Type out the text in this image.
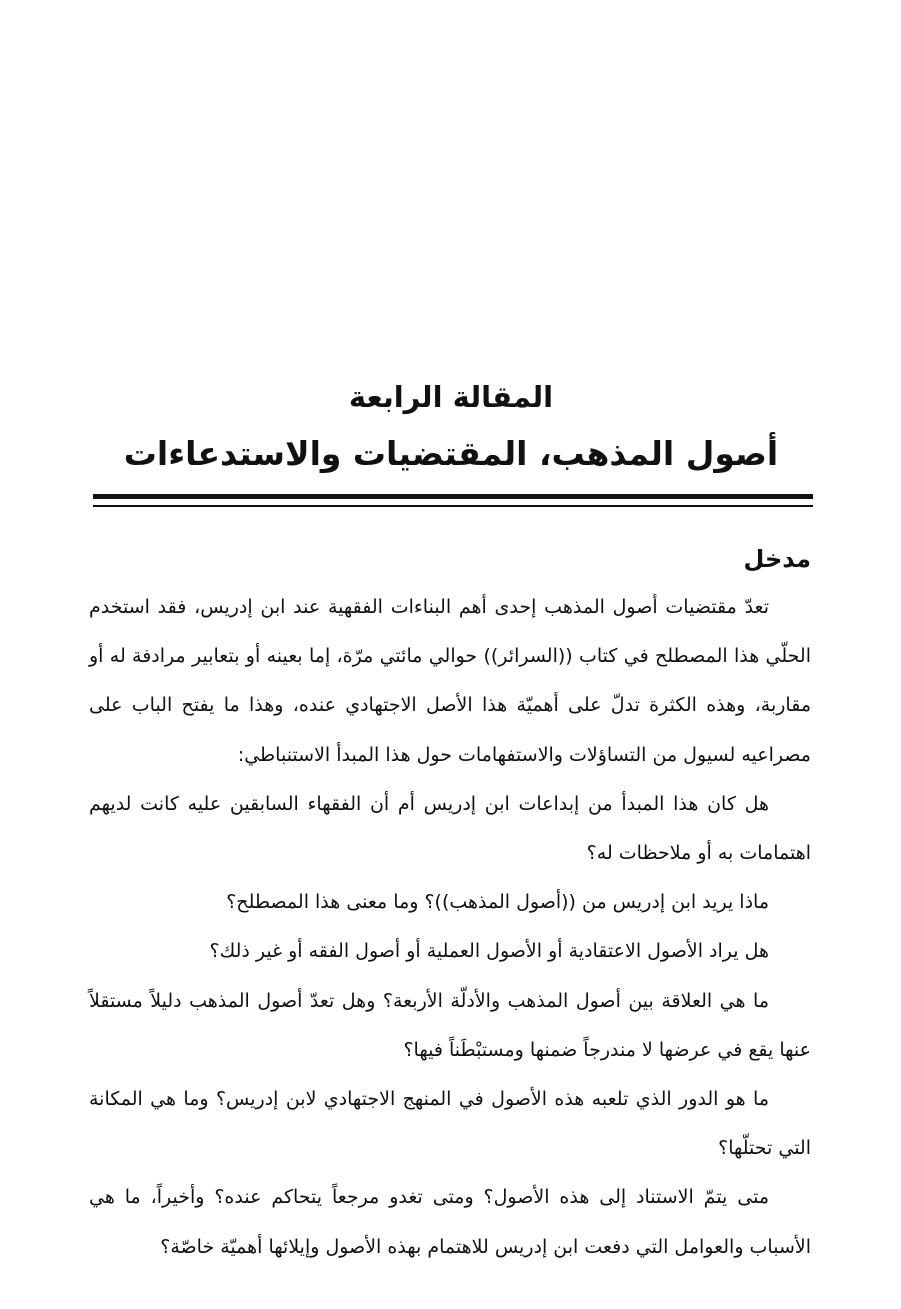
المقالة الرابعة
أصول المذهب، المقتضيات والاستدعاءات
مدخل

تعدّ مقتضيات أصول المذهب إحدى أهم البناءات الفقهية عند ابن إدريس، فقد استخدم الحلّي هذا المصطلح في كتاب ((السرائر)) حوالي مائتي مرّة، إما بعينه أو بتعابير مرادفة له أو مقاربة، وهذه الكثرة تدلّ على أهميّة هذا الأصل الاجتهادي عنده، وهذا ما يفتح الباب على مصراعيه لسيول من التساؤلات والاستفهامات حول هذا المبدأ الاستنباطي:

هل كان هذا المبدأ من إبداعات ابن إدريس أم أن الفقهاء السابقين عليه كانت لديهم اهتمامات به أو ملاحظات له؟

ماذا يريد ابن إدريس من ((أصول المذهب))؟ وما معنى هذا المصطلح؟

هل يراد الأصول الاعتقادية أو الأصول العملية أو أصول الفقه أو غير ذلك؟

ما هي العلاقة بين أصول المذهب والأدلّة الأربعة؟ وهل تعدّ أصول المذهب دليلاً مستقلاً عنها يقع في عرضها لا مندرجاً ضمنها ومستبْطَناً فيها؟

ما هو الدور الذي تلعبه هذه الأصول في المنهج الاجتهادي لابن إدريس؟ وما هي المكانة التي تحتلّها؟

متى يتمّ الاستناد إلى هذه الأصول؟ ومتى تغدو مرجعاً يتحاكم عنده؟ وأخيراً، ما هي الأسباب والعوامل التي دفعت ابن إدريس للاهتمام بهذه الأصول وإيلائها أهميّة خاصّة؟
